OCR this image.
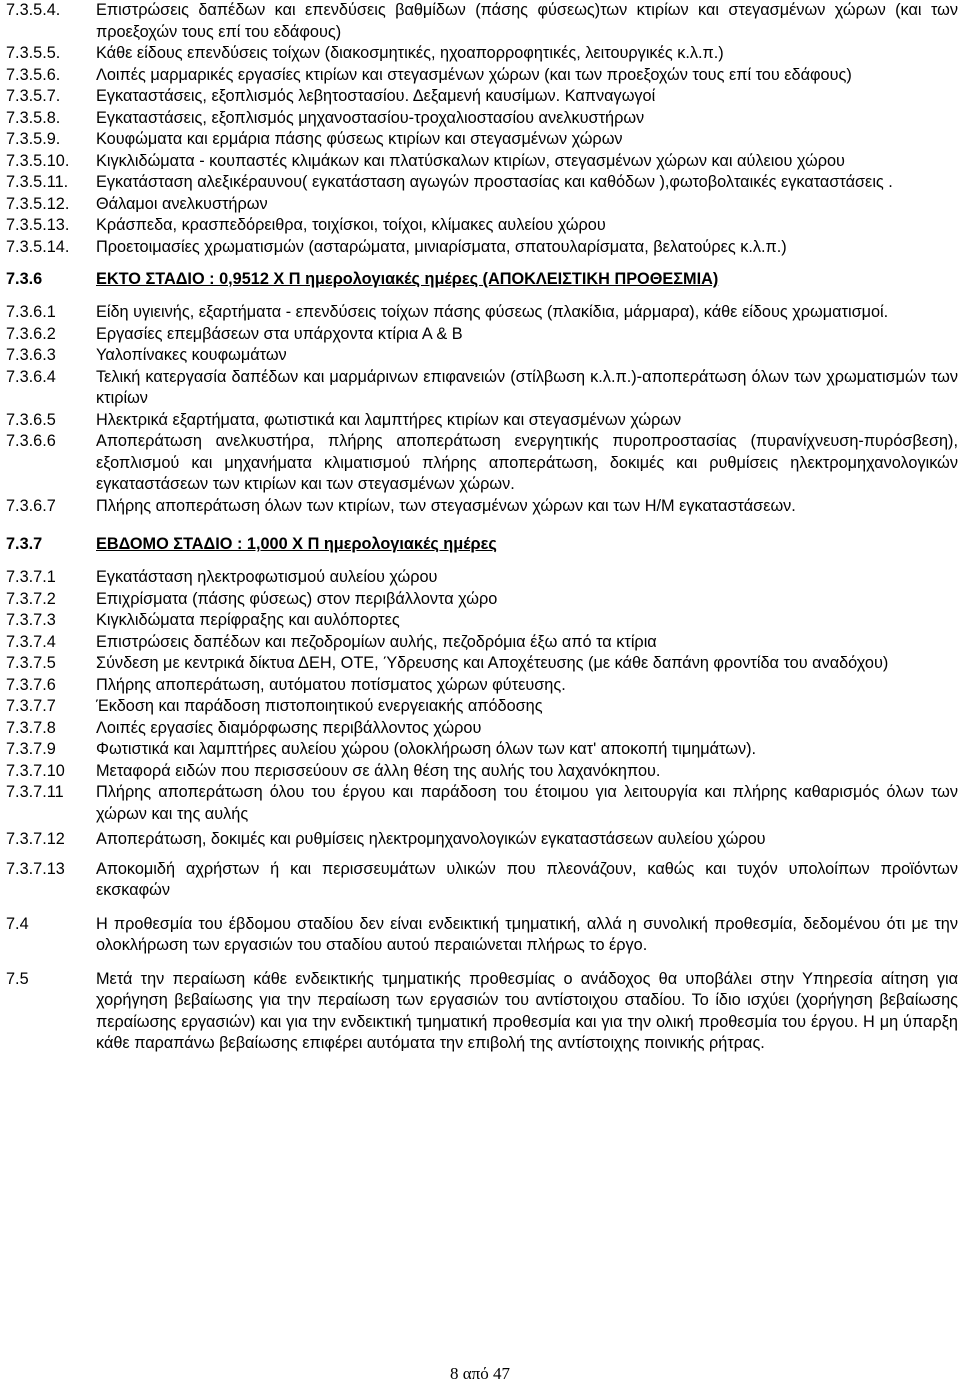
7.3.5.4.	Επιστρώσεις δαπέδων και επενδύσεις βαθμίδων (πάσης φύσεως)των κτιρίων και στεγασμένων χώρων (και των προεξοχών τους επί του εδάφους)
7.3.5.5.	Κάθε είδους επενδύσεις τοίχων (διακοσμητικές, ηχοαπορροφητικές, λειτουργικές κ.λ.π.)
7.3.5.6.	Λοιπές μαρμαρικές εργασίες κτιρίων και στεγασμένων χώρων (και των προεξοχών τους επί του εδάφους)
7.3.5.7.	Εγκαταστάσεις, εξοπλισμός λεβητοστασίου. Δεξαμενή καυσίμων. Καπναγωγοί
7.3.5.8.	Εγκαταστάσεις, εξοπλισμός μηχανοστασίου-τροχαλιοστασίου ανελκυστήρων
7.3.5.9.	Κουφώματα και ερμάρια πάσης φύσεως κτιρίων και στεγασμένων χώρων
7.3.5.10.	Κιγκλιδώματα - κουπαστές κλιμάκων και πλατύσκαλων κτιρίων, στεγασμένων χώρων και αύλειου χώρου
7.3.5.11.	Εγκατάσταση αλεξικέραυνου( εγκατάσταση αγωγών προστασίας και καθόδων ),φωτοβολταικές εγκαταστάσεις .
7.3.5.12.	Θάλαμοι ανελκυστήρων
7.3.5.13.	Κράσπεδα, κρασπεδόρειθρα, τοιχίσκοι, τοίχοι, κλίμακες αυλείου χώρου
7.3.5.14.	Προετοιμασίες χρωματισμών (ασταρώματα, μινιαρίσματα, σπατουλαρίσματα, βελατούρες κ.λ.π.)
7.3.6	ΕΚΤΟ ΣΤΑΔΙΟ : 0,9512 Χ Π ημερολογιακές ημέρες (ΑΠΟΚΛΕΙΣΤΙΚΗ ΠΡΟΘΕΣΜΙΑ)
7.3.6.1	Είδη υγιεινής, εξαρτήματα - επενδύσεις τοίχων πάσης φύσεως (πλακίδια, μάρμαρα), κάθε είδους χρωματισμοί.
7.3.6.2	Εργασίες επεμβάσεων στα υπάρχοντα κτίρια Α & Β
7.3.6.3	Υαλοπίνακες κουφωμάτων
7.3.6.4	Τελική κατεργασία δαπέδων και μαρμάρινων επιφανειών (στίλβωση κ.λ.π.)-αποπεράτωση όλων των χρωματισμών των κτιρίων
7.3.6.5	Ηλεκτρικά εξαρτήματα, φωτιστικά και λαμπτήρες κτιρίων και στεγασμένων χώρων
7.3.6.6	Αποπεράτωση ανελκυστήρα, πλήρης αποπεράτωση ενεργητικής πυροπροστασίας (πυρανίχνευση-πυρόσβεση), εξοπλισμού και μηχανήματα κλιματισμού πλήρης αποπεράτωση, δοκιμές και ρυθμίσεις ηλεκτρομηχανολογικών εγκαταστάσεων των κτιρίων και των στεγασμένων χώρων.
7.3.6.7	Πλήρης αποπεράτωση όλων των κτιρίων, των στεγασμένων χώρων και των Η/Μ εγκαταστάσεων.
7.3.7	ΕΒΔΟΜΟ ΣΤΑΔΙΟ : 1,000 Χ Π ημερολογιακές ημέρες
7.3.7.1	Εγκατάσταση ηλεκτροφωτισμού αυλείου χώρου
7.3.7.2	Επιχρίσματα (πάσης φύσεως) στον περιβάλλοντα χώρο
7.3.7.3	Κιγκλιδώματα περίφραξης και αυλόπορτες
7.3.7.4	Επιστρώσεις δαπέδων και πεζοδρομίων αυλής, πεζοδρόμια έξω από τα κτίρια
7.3.7.5	Σύνδεση με κεντρικά δίκτυα ΔΕΗ, ΟΤΕ, Ύδρευσης και Αποχέτευσης (με κάθε δαπάνη φροντίδα του αναδόχου)
7.3.7.6	Πλήρης αποπεράτωση, αυτόματου ποτίσματος χώρων φύτευσης.
7.3.7.7	Έκδοση και παράδοση πιστοποιητικού ενεργειακής απόδοσης
7.3.7.8	Λοιπές εργασίες διαμόρφωσης περιβάλλοντος χώρου
7.3.7.9	Φωτιστικά και λαμπτήρες αυλείου χώρου (ολοκλήρωση όλων των κατ' αποκοπή τιμημάτων).
7.3.7.10	Μεταφορά ειδών που περισσεύουν σε άλλη θέση της αυλής του λαχανόκηπου.
7.3.7.11	Πλήρης αποπεράτωση όλου του έργου και παράδοση του έτοιμου για λειτουργία και πλήρης καθαρισμός όλων των χώρων και της αυλής
7.3.7.12	Αποπεράτωση, δοκιμές και ρυθμίσεις ηλεκτρομηχανολογικών εγκαταστάσεων αυλείου χώρου
7.3.7.13	Αποκομιδή αχρήστων ή και περισσευμάτων υλικών που πλεονάζουν, καθώς και τυχόν υπολοίπων προϊόντων εκσκαφών
7.4	Η προθεσμία του έβδομου σταδίου δεν είναι ενδεικτική τμηματική, αλλά η συνολική προθεσμία, δεδομένου ότι με την ολοκλήρωση των εργασιών του σταδίου αυτού περαιώνεται πλήρως το έργο.
7.5	Μετά την περαίωση κάθε ενδεικτικής τμηματικής προθεσμίας ο ανάδοχος θα υποβάλει στην Υπηρεσία αίτηση για χορήγηση βεβαίωσης για την περαίωση των εργασιών του αντίστοιχου σταδίου. Το ίδιο ισχύει (χορήγηση βεβαίωσης περαίωσης εργασιών) και για την ενδεικτική τμηματική προθεσμία και για την ολική προθεσμία του έργου. Η μη ύπαρξη κάθε παραπάνω βεβαίωσης επιφέρει αυτόματα την επιβολή της αντίστοιχης ποινικής ρήτρας.
8 από 47
